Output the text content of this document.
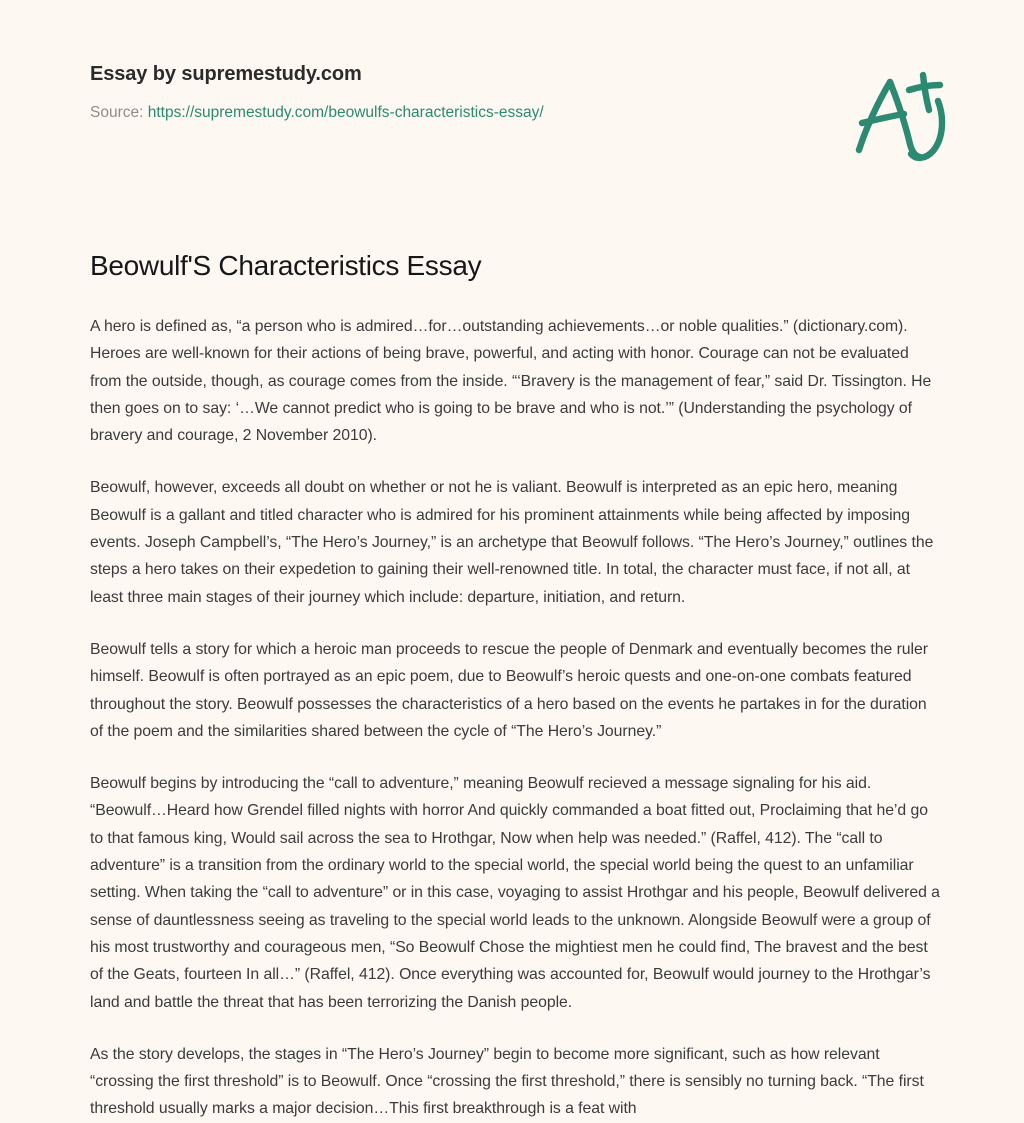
Essay by supremestudy.com
Source: https://supremestudy.com/beowulfs-characteristics-essay/
Beowulf'S Characteristics Essay

A hero is defined as, “a person who is admired…for…outstanding achievements…or noble qualities.” (dictionary.com). Heroes are well-known for their actions of being brave, powerful, and acting with honor. Courage can not be evaluated from the outside, though, as courage comes from the inside. “‘Bravery is the management of fear,” said Dr. Tissington. He then goes on to say: ‘…We cannot predict who is going to be brave and who is not.’” (Understanding the psychology of bravery and courage, 2 November 2010).

Beowulf, however, exceeds all doubt on whether or not he is valiant. Beowulf is interpreted as an epic hero, meaning Beowulf is a gallant and titled character who is admired for his prominent attainments while being affected by imposing events. Joseph Campbell’s, “The Hero’s Journey,” is an archetype that Beowulf follows. “The Hero’s Journey,” outlines the steps a hero takes on their expedetion to gaining their well-renowned title. In total, the character must face, if not all, at least three main stages of their journey which include: departure, initiation, and return.

Beowulf tells a story for which a heroic man proceeds to rescue the people of Denmark and eventually becomes the ruler himself. Beowulf is often portrayed as an epic poem, due to Beowulf’s heroic quests and one-on-one combats featured throughout the story. Beowulf possesses the characteristics of a hero based on the events he partakes in for the duration of the poem and the similarities shared between the cycle of “The Hero’s Journey.”

Beowulf begins by introducing the “call to adventure,” meaning Beowulf recieved a message signaling for his aid. “Beowulf…Heard how Grendel filled nights with horror And quickly commanded a boat fitted out, Proclaiming that he’d go to that famous king, Would sail across the sea to Hrothgar, Now when help was needed.” (Raffel, 412). The “call to adventure” is a transition from the ordinary world to the special world, the special world being the quest to an unfamiliar setting. When taking the “call to adventure” or in this case, voyaging to assist Hrothgar and his people, Beowulf delivered a sense of dauntlessness seeing as traveling to the special world leads to the unknown. Alongside Beowulf were a group of his most trustworthy and courageous men, “So Beowulf Chose the mightiest men he could find, The bravest and the best of the Geats, fourteen In all…” (Raffel, 412). Once everything was accounted for, Beowulf would journey to the Hrothgar’s land and battle the threat that has been terrorizing the Danish people.

As the story develops, the stages in “The Hero’s Journey” begin to become more significant, such as how relevant “crossing the first threshold” is to Beowulf. Once “crossing the first threshold,” there is sensibly no turning back. “The first threshold usually marks a major decision…This first breakthrough is a feat with
